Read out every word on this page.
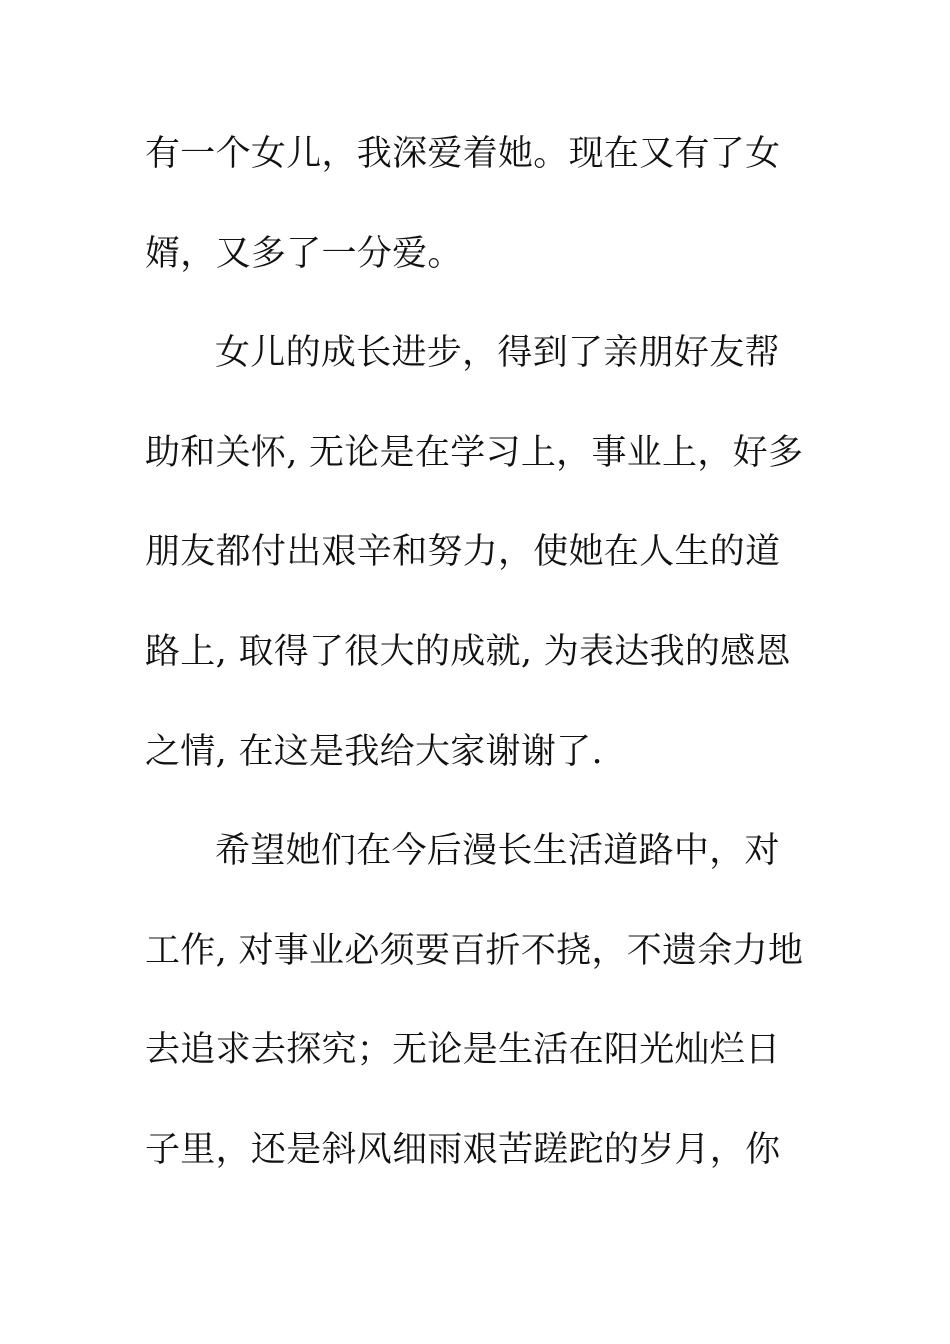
有一个女儿，我深爱着她。现在又有了女
婿，又多了一分爱。
女儿的成长进步，得到了亲朋好友帮
助和关怀, 无论是在学习上，事业上，好多
朋友都付出艰辛和努力，使她在人生的道
路上, 取得了很大的成就, 为表达我的感恩
之情, 在这是我给大家谢谢了.
希望她们在今后漫长生活道路中，对
工作, 对事业必须要百折不挠，不遗余力地
去追求去探究；无论是生活在阳光灿烂日
子里，还是斜风细雨艰苦蹉跎的岁月，你
